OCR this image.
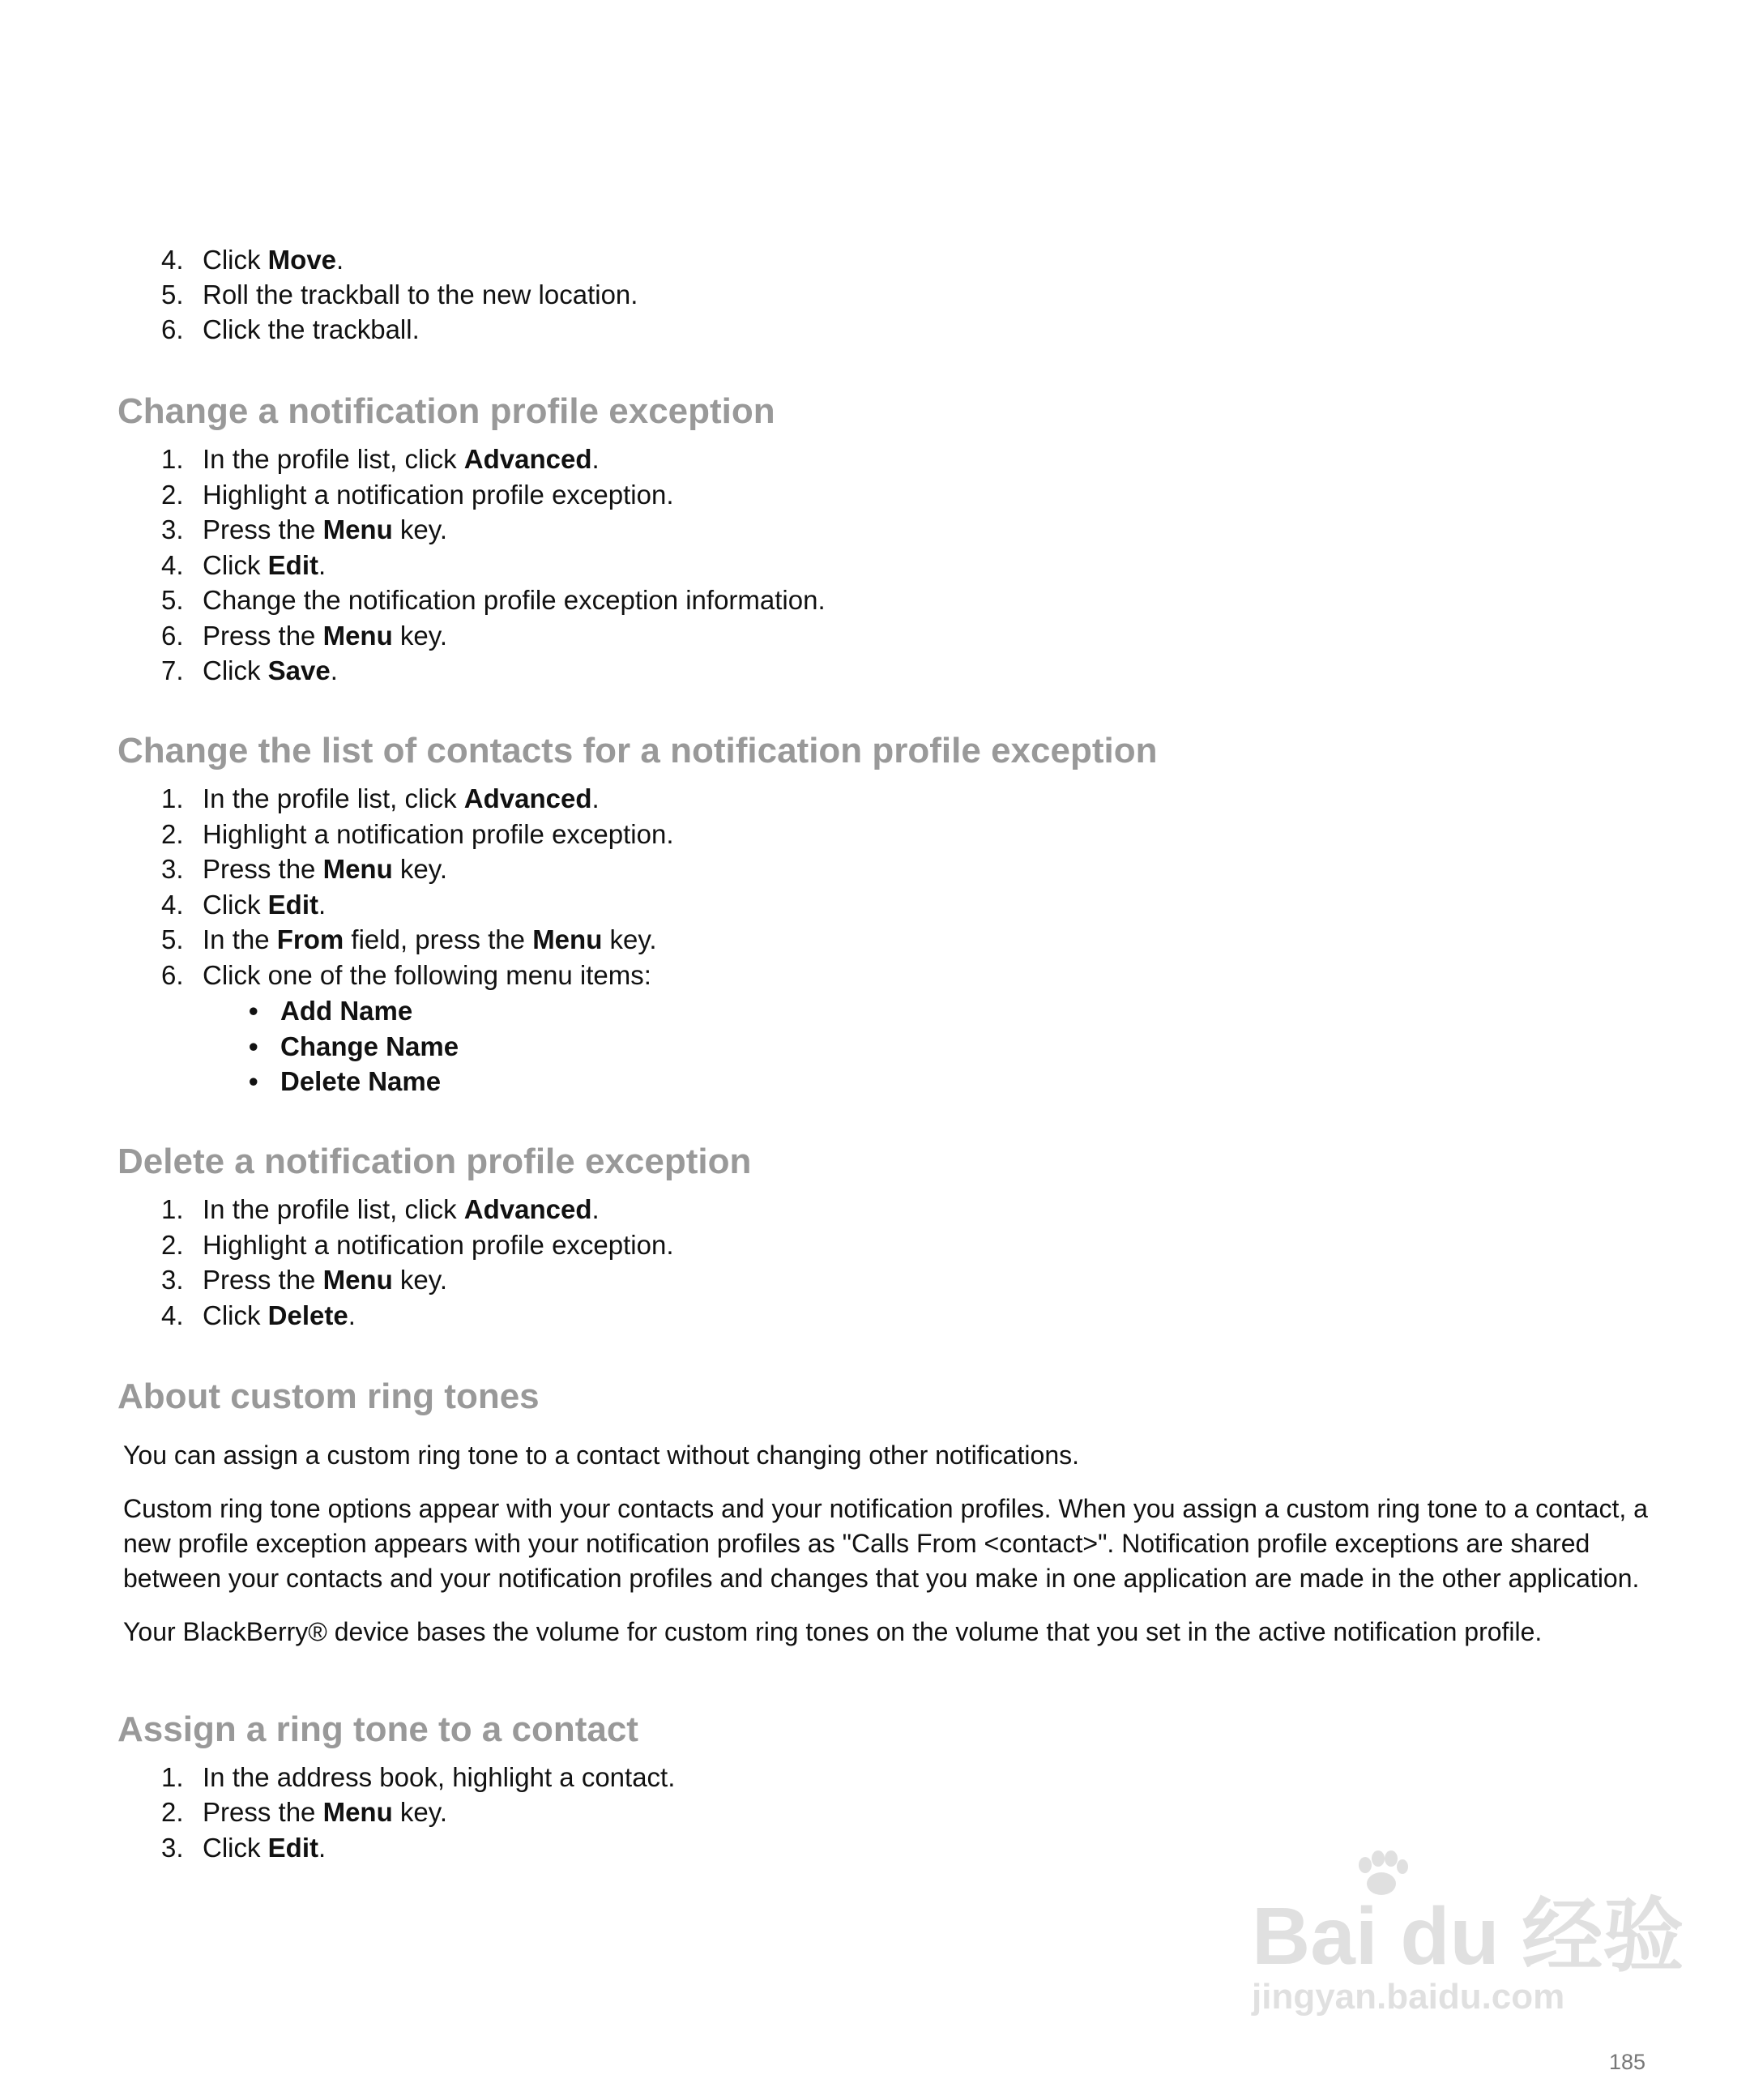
4. Click Move.
5. Roll the trackball to the new location.
6. Click the trackball.
Change a notification profile exception
1. In the profile list, click Advanced.
2. Highlight a notification profile exception.
3. Press the Menu key.
4. Click Edit.
5. Change the notification profile exception information.
6. Press the Menu key.
7. Click Save.
Change the list of contacts for a notification profile exception
1. In the profile list, click Advanced.
2. Highlight a notification profile exception.
3. Press the Menu key.
4. Click Edit.
5. In the From field, press the Menu key.
6. Click one of the following menu items:
• Add Name
• Change Name
• Delete Name
Delete a notification profile exception
1. In the profile list, click Advanced.
2. Highlight a notification profile exception.
3. Press the Menu key.
4. Click Delete.
About custom ring tones

You can assign a custom ring tone to a contact without changing other notifications.

Custom ring tone options appear with your contacts and your notification profiles. When you assign a custom ring tone to a contact, a new profile exception appears with your notification profiles as "Calls From <contact>". Notification profile exceptions are shared between your contacts and your notification profiles and changes that you make in one application are made in the other application.

Your BlackBerry® device bases the volume for custom ring tones on the volume that you set in the active notification profile.

Assign a ring tone to a contact
1. In the address book, highlight a contact.
2. Press the Menu key.
3. Click Edit.
Bai du 经验
jingyan.baidu.com
185
